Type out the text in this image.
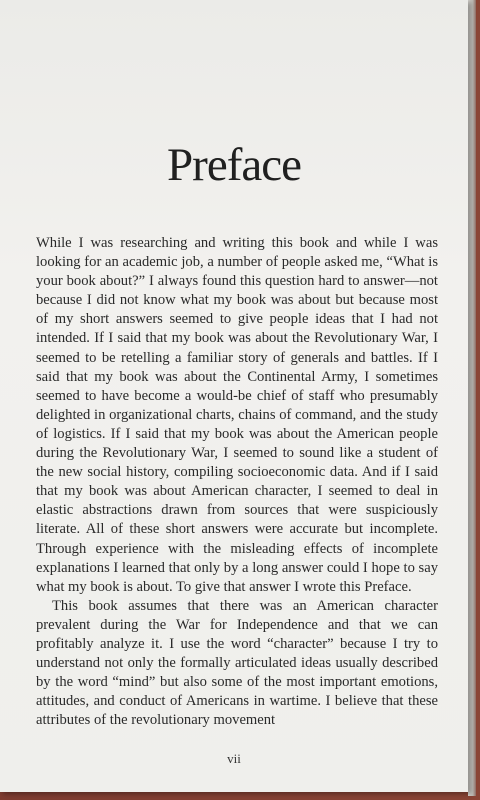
Preface

While I was researching and writing this book and while I was looking for an academic job, a number of people asked me, “What is your book about?” I always found this question hard to answer—not because I did not know what my book was about but because most of my short answers seemed to give people ideas that I had not intended. If I said that my book was about the Revolutionary War, I seemed to be retelling a familiar story of generals and battles. If I said that my book was about the Continental Army, I sometimes seemed to have become a would-be chief of staff who presumably delighted in organizational charts, chains of command, and the study of logistics. If I said that my book was about the American people during the Revolutionary War, I seemed to sound like a student of the new social history, compiling socioeconomic data. And if I said that my book was about American character, I seemed to deal in elastic abstractions drawn from sources that were suspiciously literate. All of these short answers were accurate but incomplete. Through experience with the misleading effects of incomplete explanations I learned that only by a long answer could I hope to say what my book is about. To give that answer I wrote this Preface.

This book assumes that there was an American character prevalent during the War for Independence and that we can profitably analyze it. I use the word “character” because I try to understand not only the formally articulated ideas usually described by the word “mind” but also some of the most important emotions, attitudes, and conduct of Americans in wartime. I believe that these attributes of the revolutionary movement

vii
